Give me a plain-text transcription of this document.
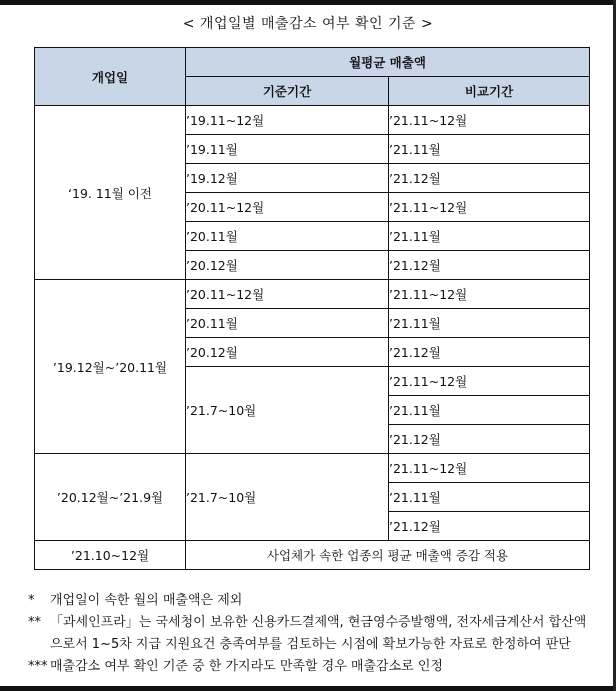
< 개업일별 매출감소 여부 확인 기준 >
개업일	월평균 매출액	
	기준기간	비교기간
‘19. 11월 이전	’19.11~12월	’21.11~12월
	’19.11월	’21.11월
	’19.12월	’21.12월
	’20.11~12월	’21.11~12월
	’20.11월	’21.11월
	’20.12월	’21.12월
’19.12월~’20.11월	’20.11~12월	’21.11~12월
	’20.11월	’21.11월
	’20.12월	’21.12월
	’21.7~10월	’21.11~12월
		’21.11월
		’21.12월
’20.12월~’21.9월	’21.7~10월	’21.11~12월
		’21.11월
		’21.12월
’21.10~12월	사업체가 속한 업종의 평균 매출액 증감 적용	
* 개업일이 속한 월의 매출액은 제외
** 「과세인프라」는 국세청이 보유한 신용카드결제액, 현금영수증발행액, 전자세금계산서 합산액
으로서 1~5차 지급 지원요건 충족여부를 검토하는 시점에 확보가능한 자료로 한정하여 판단
*** 매출감소 여부 확인 기준 중 한 가지라도 만족할 경우 매출감소로 인정
